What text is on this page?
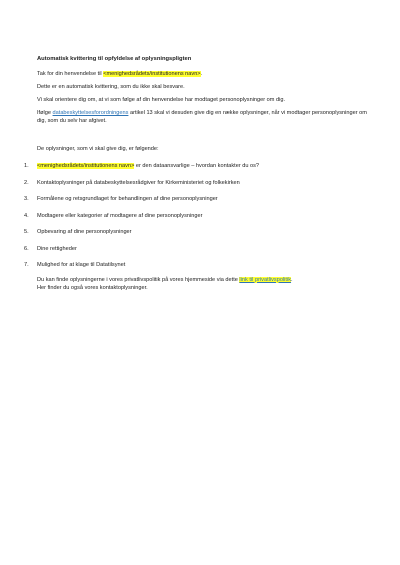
Automatisk kvittering til opfyldelse af oplysningspligten

Tak for din henvendelse til <menighedsrådets/institutionens navn>.

Dette er en automatisk kvittering, som du ikke skal besvare.

Vi skal orientere dig om, at vi som følge af din henvendelse har modtaget personoplysninger om dig.

Ifølge databeskyttelsesforordningens artikel 13 skal vi desuden give dig en række oplysninger, når vi modtager personoplysninger om dig, som du selv har afgivet.

De oplysninger, som vi skal give dig, er følgende:

1.	<menighedsrådets/institutionens navn> er den dataansvarlige – hvordan kontakter du os?
2.	Kontaktoplysninger på databeskyttelsesrådgiver for Kirkeministeriet og folkekirken
3.	Formålene og retsgrundlaget for behandlingen af dine personoplysninger
4.	Modtagere eller kategorier af modtagere af dine personoplysninger
5.	Opbevaring af dine personoplysninger
6.	Dine rettigheder
7.	Mulighed for at klage til Datatilsynet

Du kan finde oplysningerne i vores privatlivspolitik på vores hjemmeside via dette link til privatlivspolitik.

Her finder du også vores kontaktoplysninger.
